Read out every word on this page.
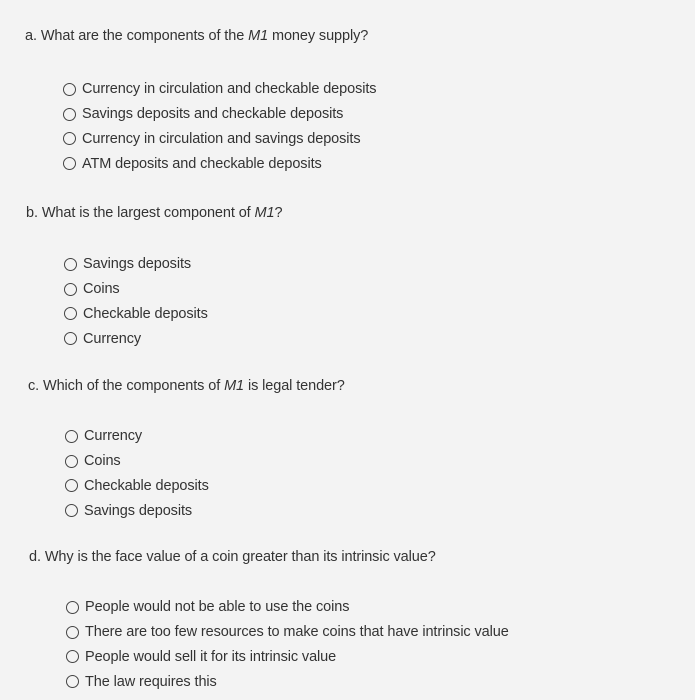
a. What are the components of the M1 money supply?
Currency in circulation and checkable deposits
Savings deposits and checkable deposits
Currency in circulation and savings deposits
ATM deposits and checkable deposits
b. What is the largest component of M1?
Savings deposits
Coins
Checkable deposits
Currency
c. Which of the components of M1 is legal tender?
Currency
Coins
Checkable deposits
Savings deposits
d. Why is the face value of a coin greater than its intrinsic value?
People would not be able to use the coins
There are too few resources to make coins that have intrinsic value
People would sell it for its intrinsic value
The law requires this
